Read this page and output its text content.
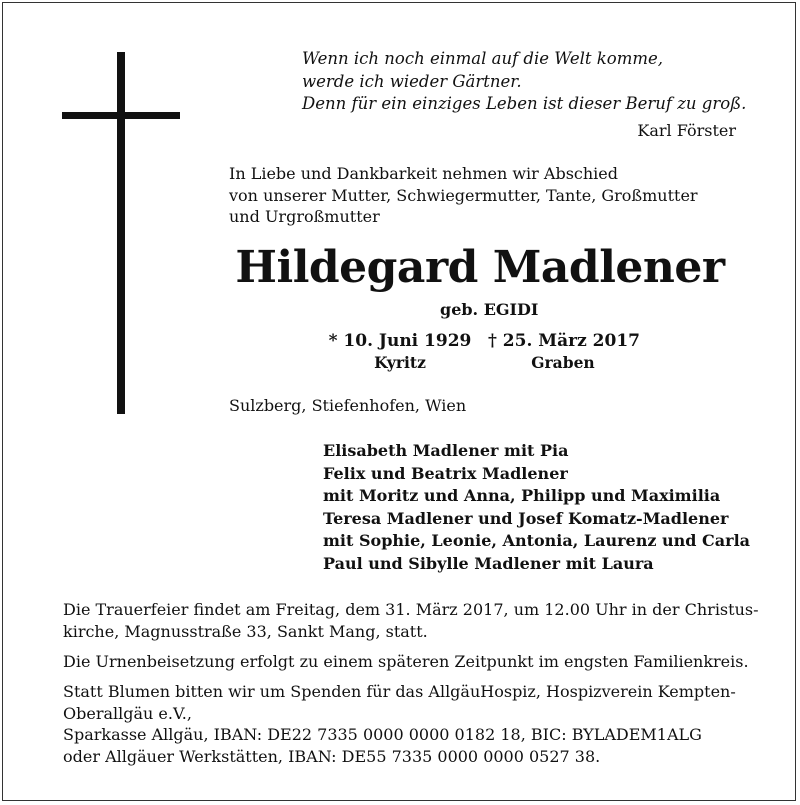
Wenn ich noch einmal auf die Welt komme,
werde ich wieder Gärtner.
Denn für ein einziges Leben ist dieser Beruf zu groß.
Karl Förster
In Liebe und Dankbarkeit nehmen wir Abschied
von unserer Mutter, Schwiegermutter, Tante, Großmutter
und Urgroßmutter
Hildegard Madlener
geb. EGIDI
* 10. Juni 1929
Kyritz
† 25. März 2017
Graben
Sulzberg, Stiefenhofen, Wien
Elisabeth Madlener mit Pia
Felix und Beatrix Madlener
mit Moritz und Anna, Philipp und Maximilia
Teresa Madlener und Josef Komatz-Madlener
mit Sophie, Leonie, Antonia, Laurenz und Carla
Paul und Sibylle Madlener mit Laura
Die Trauerfeier findet am Freitag, dem 31. März 2017, um 12.00 Uhr in der Christus-
kirche, Magnusstraße 33, Sankt Mang, statt.
Die Urnenbeisetzung erfolgt zu einem späteren Zeitpunkt im engsten Familienkreis.
Statt Blumen bitten wir um Spenden für das AllgäuHospiz, Hospizverein Kempten-
Oberallgäu e.V.,
Sparkasse Allgäu, IBAN: DE22 7335 0000 0000 0182 18, BIC: BYLADEM1ALG
oder Allgäuer Werkstätten, IBAN: DE55 7335 0000 0000 0527 38.
